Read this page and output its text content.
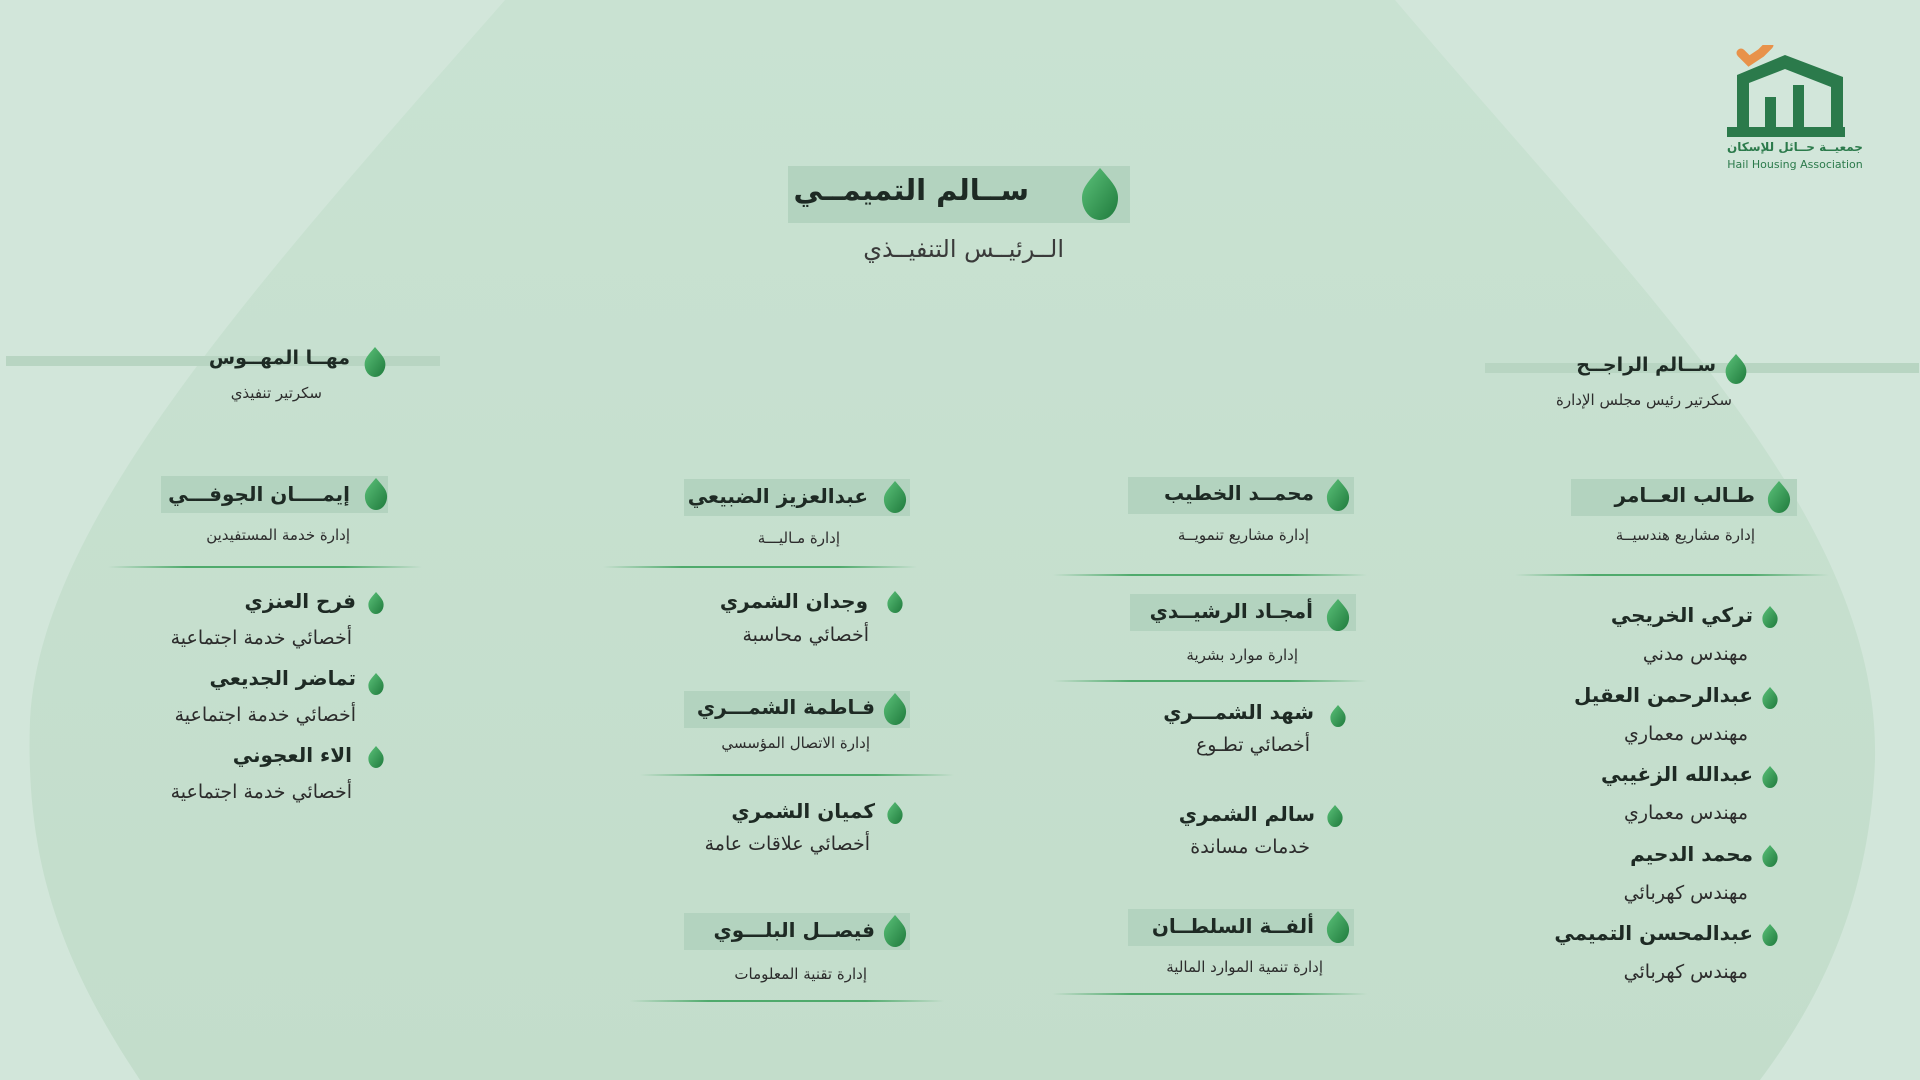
جمعيــة حــائل للإسكان
Hail Housing Association
ســالم التميمــي
الــرئيــس التنفيــذي
ســالم الراجــح
سكرتير رئيس مجلس الإدارة
مهــا المهــوس
سكرتير تنفيذي
طـالب العــامر
إدارة مشاريع هندسيــة
تركي الخريجي
مهندس مدني
عبدالرحمن العقيل
مهندس معماري
عبدالله الزغيبي
مهندس معماري
محمد الدحيم
مهندس كهربائي
عبدالمحسن التميمي
مهندس كهربائي
محمــد الخطيب
إدارة مشاريع تنمويــة
أمجـاد الرشيــدي
إدارة موارد بشرية
شهد الشمـــري
أخصائي تطـوع
سالم الشمري
خدمات مساندة
ألفــة السلطــان
إدارة تنمية الموارد المالية
عبدالعزيز الضبيعي
إدارة مـاليـــة
وجدان الشمري
أخصائي محاسبة
فـاطمة الشمـــري
إدارة الاتصال المؤسسي
كميان الشمري
أخصائي علاقات عامة
فيصــل البلـــوي
إدارة تقنية المعلومات
إيمــــان الجوفـــي
إدارة خدمة المستفيدين
فرح العنزي
أخصائي خدمة اجتماعية
تماضر الجديعي
أخصائي خدمة اجتماعية
الاء العجوني
أخصائي خدمة اجتماعية
